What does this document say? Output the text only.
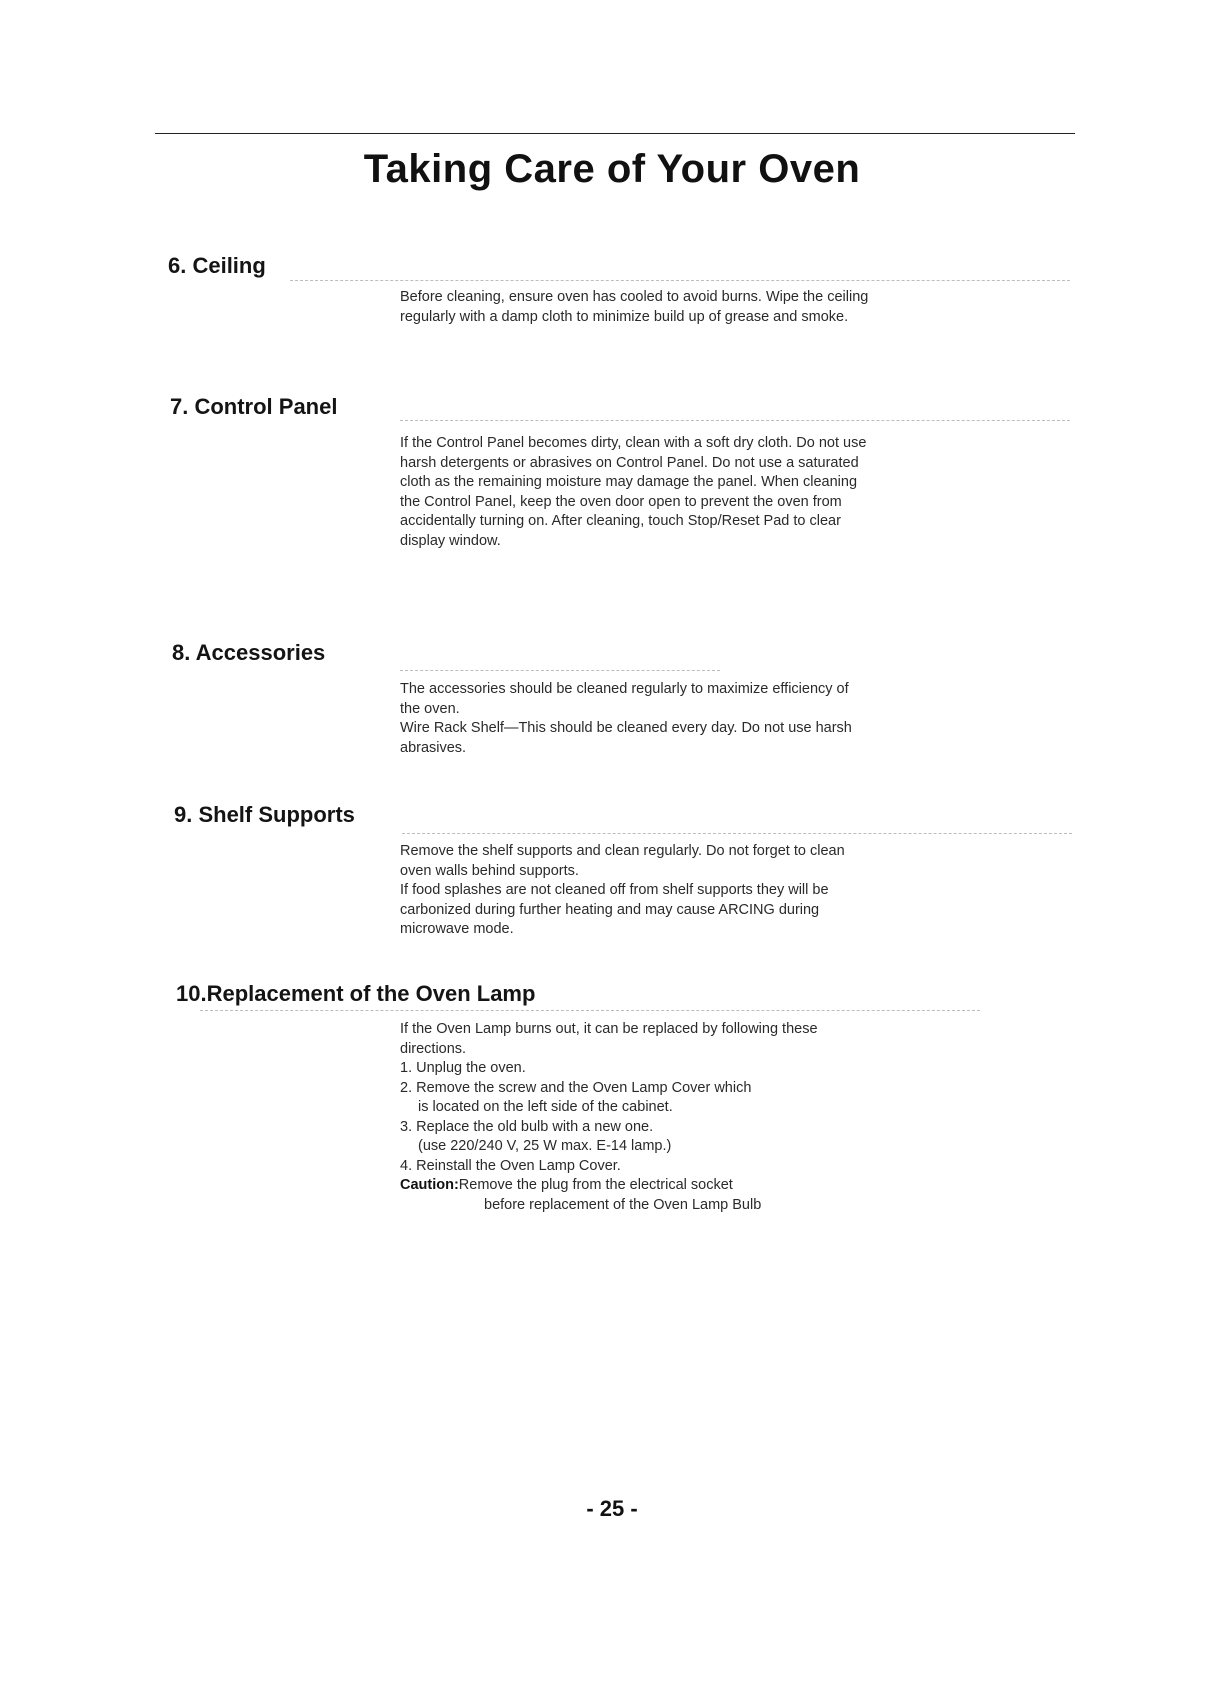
Taking Care of Your Oven
6. Ceiling

Before cleaning, ensure oven has cooled to avoid burns. Wipe the ceiling regularly with a damp cloth to minimize build up of grease and smoke.

7. Control Panel

If the Control Panel becomes dirty, clean with a soft dry cloth. Do not use harsh detergents or abrasives on Control Panel. Do not use a saturated cloth as the remaining moisture may damage the panel. When cleaning the Control Panel, keep the oven door open to prevent the oven from accidentally turning on. After cleaning, touch Stop/Reset Pad to clear display window.

8. Accessories

The accessories should be cleaned regularly to maximize efficiency of the oven.

Wire Rack Shelf—This should be cleaned every day. Do not use harsh abrasives.

9. Shelf Supports

Remove the shelf supports and clean regularly. Do not forget to clean oven walls behind supports.

If food splashes are not cleaned off from shelf supports they will be carbonized during further heating and may cause ARCING during microwave mode.

10.Replacement of the Oven Lamp

If the Oven Lamp burns out, it can be replaced by following these directions.

1. Unplug the oven.
2. Remove the screw and the Oven Lamp Cover which
is located on the left side of the cabinet.
3. Replace the old bulb with a new one.
(use 220/240 V, 25 W max. E-14 lamp.)
4. Reinstall the Oven Lamp Cover.

Caution:Remove the plug from the electrical socket

before replacement of the Oven Lamp Bulb

- 25 -
